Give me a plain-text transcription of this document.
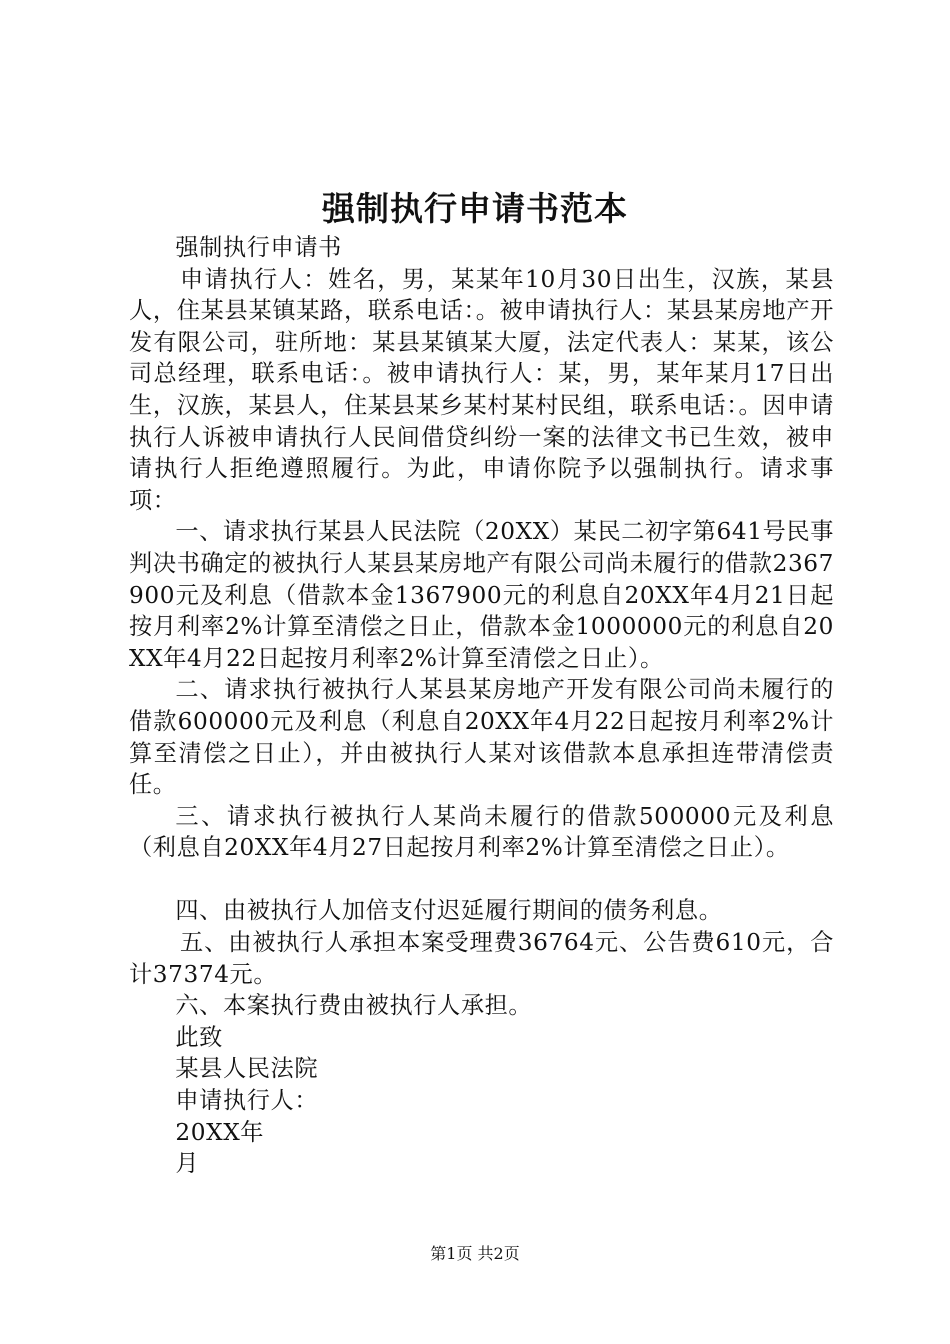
强制执行申请书范本

强制执行申请书

申请执行人：姓名，男，某某年10月30日出生，汉族，某县人，住某县某镇某路，联系电话：。被申请执行人：某县某房地产开发有限公司，驻所地：某县某镇某大厦，法定代表人：某某，该公司总经理，联系电话：。被申请执行人：某，男，某年某月17日出生，汉族，某县人，住某县某乡某村某村民组，联系电话：。因申请执行人诉被申请执行人民间借贷纠纷一案的法律文书已生效，被申请执行人拒绝遵照履行。为此，申请你院予以强制执行。请求事项：

一、请求执行某县人民法院（20XX）某民二初字第641号民事判决书确定的被执行人某县某房地产有限公司尚未履行的借款2367900元及利息（借款本金1367900元的利息自20XX年4月21日起按月利率2%计算至清偿之日止，借款本金1000000元的利息自20XX年4月22日起按月利率2%计算至清偿之日止）。

二、请求执行被执行人某县某房地产开发有限公司尚未履行的借款600000元及利息（利息自20XX年4月22日起按月利率2%计算至清偿之日止），并由被执行人某对该借款本息承担连带清偿责任。

三、请求执行被执行人某尚未履行的借款500000元及利息（利息自20XX年4月27日起按月利率2%计算至清偿之日止）。

四、由被执行人加倍支付迟延履行期间的债务利息。

五、由被执行人承担本案受理费36764元、公告费610元，合计37374元。

六、本案执行费由被执行人承担。

此致

某县人民法院

申请执行人：

20XX年

月

第1页 共2页
